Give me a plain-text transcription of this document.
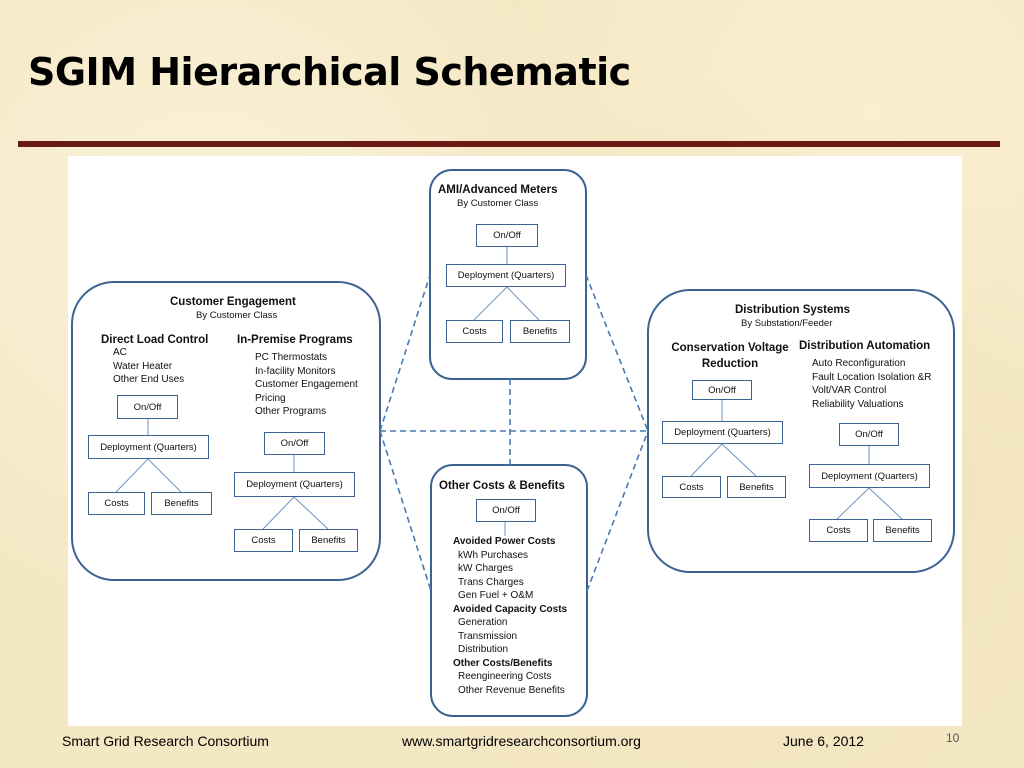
SGIM Hierarchical Schematic
AMI/Advanced Meters
By Customer Class
On/Off
Deployment (Quarters)
Costs	Benefits
Customer Engagement
By Customer Class
Direct Load Control
AC
Water Heater
Other End Uses
On/Off
Deployment (Quarters)
Costs	Benefits
In-Premise Programs
PC Thermostats
In-facility Monitors
Customer Engagement
Pricing
Other Programs
On/Off
Deployment (Quarters)
Costs	Benefits
Other Costs & Benefits
On/Off
Avoided Power Costs
kWh Purchases
kW Charges
Trans Charges
Gen Fuel + O&M
Avoided Capacity Costs
Generation
Transmission
Distribution
Other Costs/Benefits
Reengineering Costs
Other Revenue Benefits
Distribution Systems
By Substation/Feeder
Conservation Voltage
Reduction
On/Off
Deployment (Quarters)
Costs	Benefits
Distribution Automation
Auto Reconfiguration
Fault Location Isolation &R
Volt/VAR Control
Reliability Valuations
On/Off
Deployment (Quarters)
Costs	Benefits
Smart Grid Research Consortium	www.smartgridresearchconsortium.org	June 6, 2012	10
